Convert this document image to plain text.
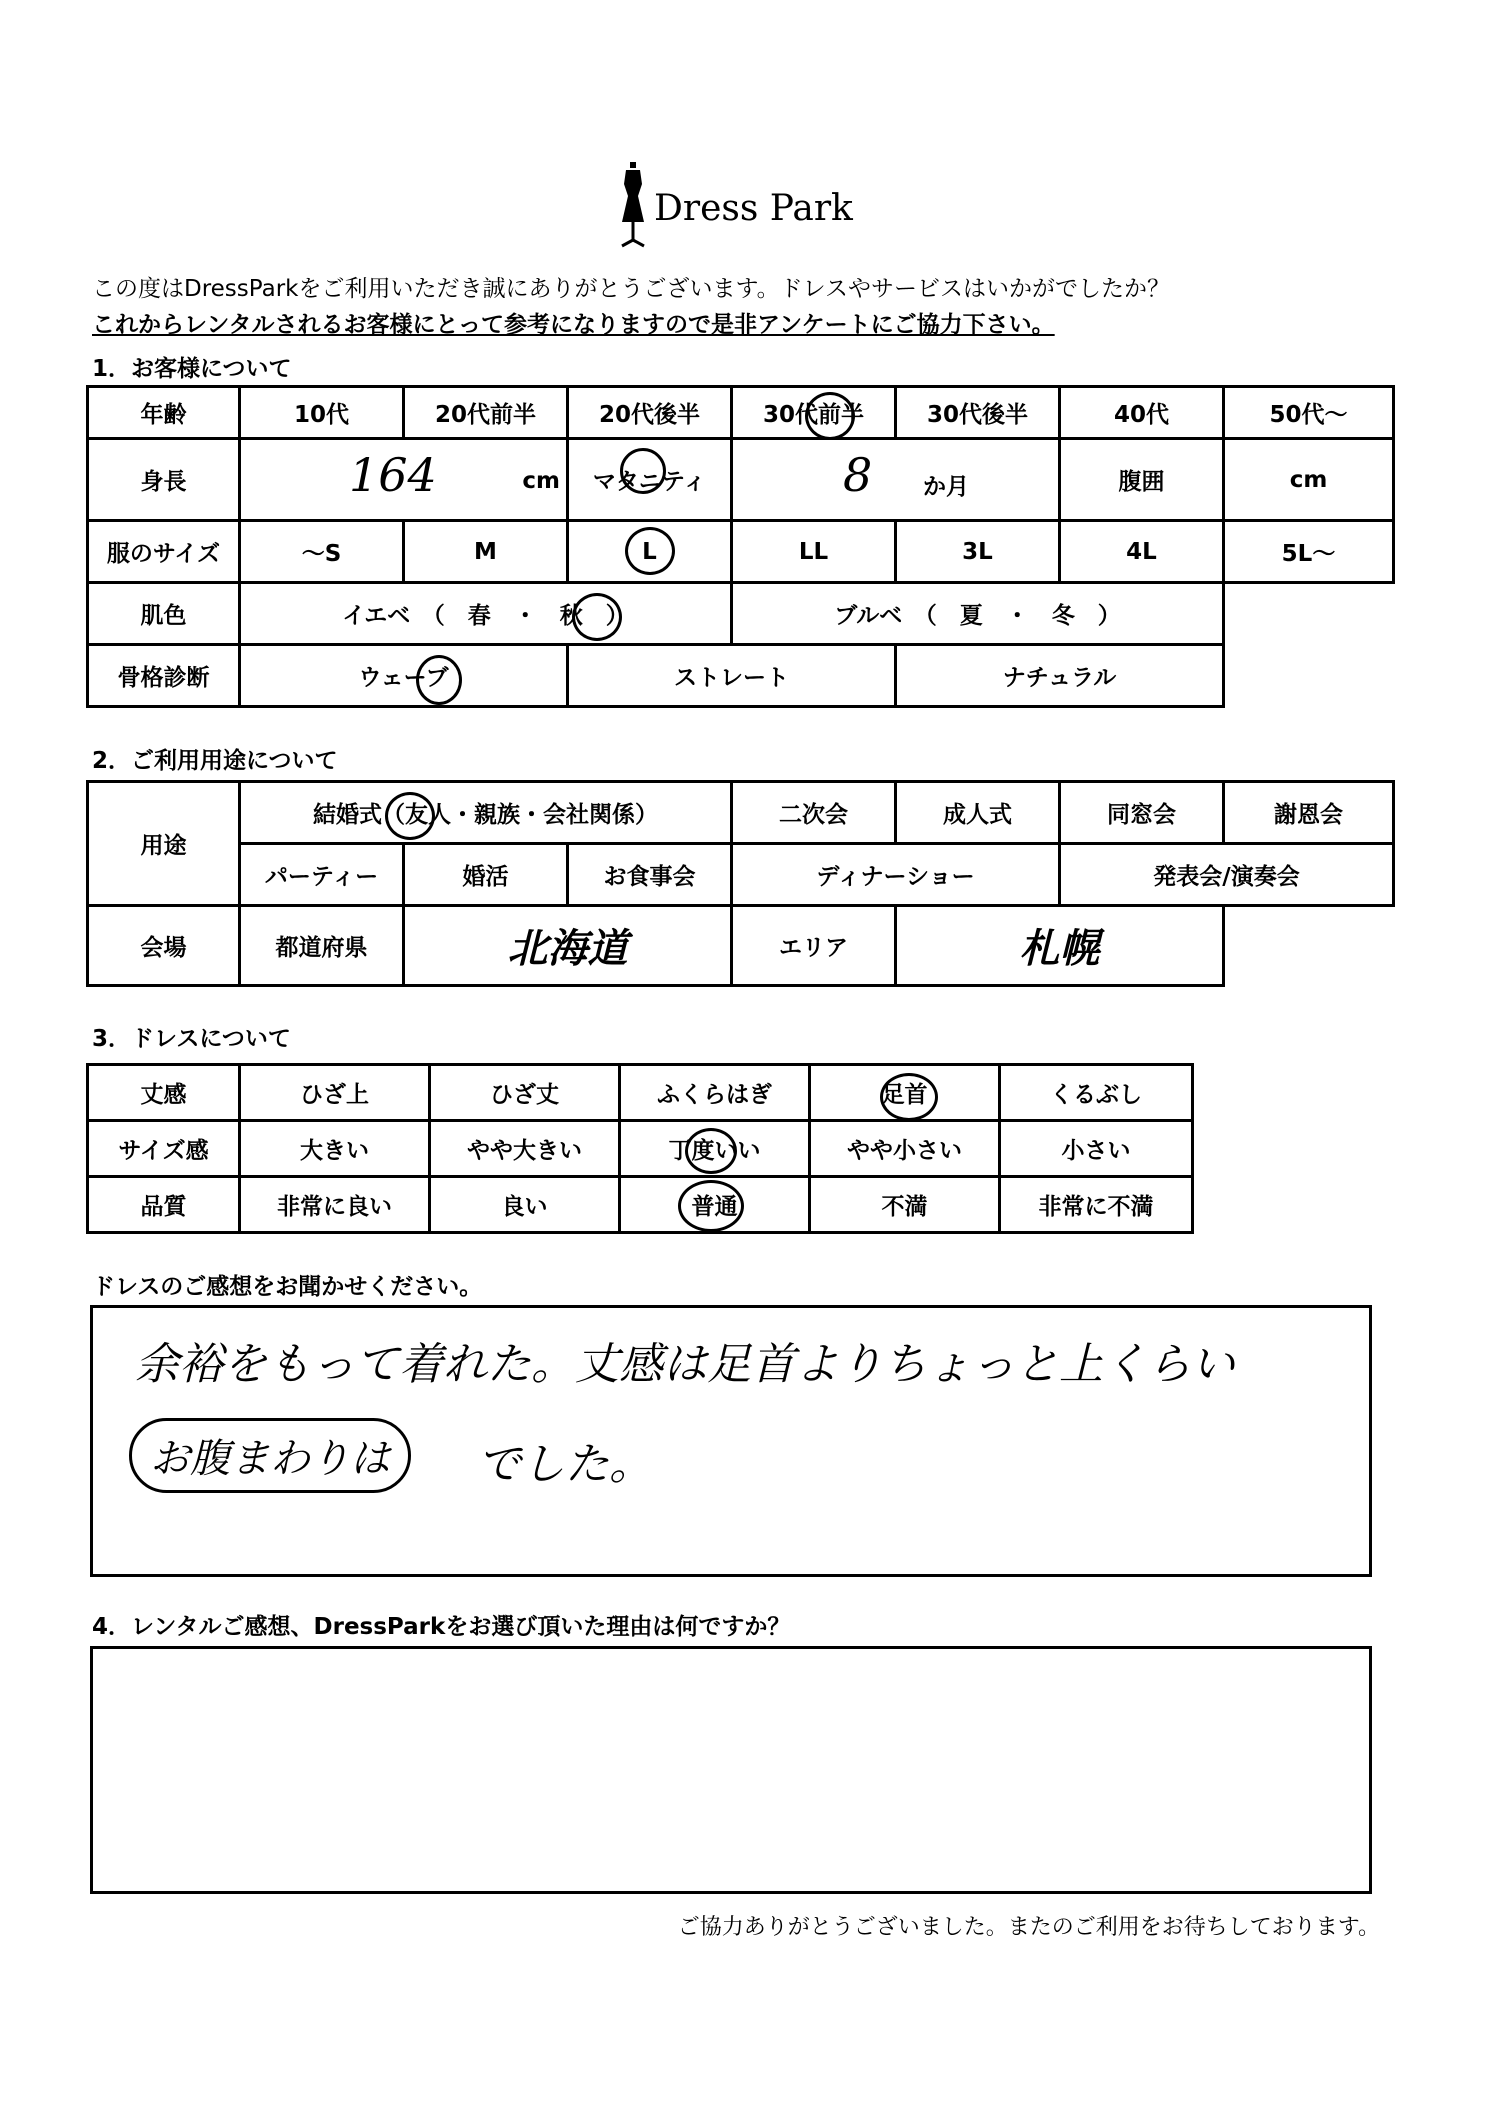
Dress Park
この度はDressParkをご利用いただき誠にありがとうございます。ドレスやサービスはいかがでしたか？
これからレンタルされるお客様にとって参考になりますので是非アンケートにご協力下さい。
1．お客様について
年齢	10代	20代前半	20代後半	30代前半	30代後半	40代	50代～
身長	164 cm		マタニティ	8 か月		腹囲	cm
服のサイズ	～S	M	L	LL	3L	4L	5L～
肌色	イエベ　（　春　・　秋　）			ブルベ　（　夏　・　冬　）			
骨格診断	ウェーブ		ストレート		ナチュラル		
2．ご利用用途について
用途	結婚式（友人・親族・会社関係）			二次会	成人式	同窓会	謝恩会
	パーティー	婚活	お食事会	ディナーショー		発表会/演奏会	
会場	都道府県	北海道		エリア	札幌		
3．ドレスについて
丈感	ひざ上	ひざ丈	ふくらはぎ	足首	くるぶし
サイズ感	大きい	やや大きい	丁度いい	やや小さい	小さい
品質	非常に良い	良い	普通	不満	非常に不満
ドレスのご感想をお聞かせください。
余裕をもって着れた。丈感は足首よりちょっと上くらい
お腹まわりは	でした。
4．レンタルご感想、DressParkをお選び頂いた理由は何ですか？
ご協力ありがとうございました。またのご利用をお待ちしております。
